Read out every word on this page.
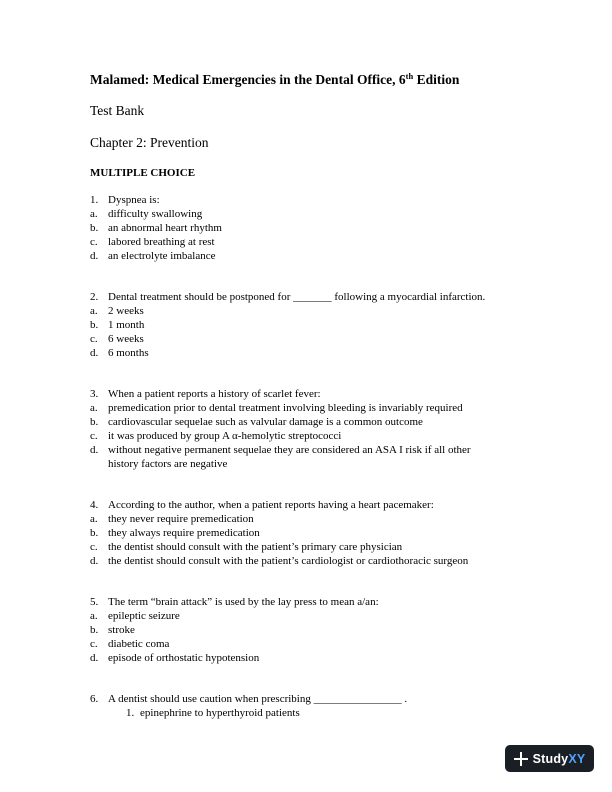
Malamed: Medical Emergencies in the Dental Office, 6th Edition
Test Bank
Chapter 2: Prevention
MULTIPLE CHOICE
1. Dyspnea is:
a. difficulty swallowing
b. an abnormal heart rhythm
c. labored breathing at rest
d. an electrolyte imbalance
2. Dental treatment should be postponed for _______ following a myocardial infarction.
a. 2 weeks
b. 1 month
c. 6 weeks
d. 6 months
3. When a patient reports a history of scarlet fever:
a. premedication prior to dental treatment involving bleeding is invariably required
b. cardiovascular sequelae such as valvular damage is a common outcome
c. it was produced by group A α-hemolytic streptococci
d. without negative permanent sequelae they are considered an ASA I risk if all other
history factors are negative
4. According to the author, when a patient reports having a heart pacemaker:
a. they never require premedication
b. they always require premedication
c. the dentist should consult with the patient’s primary care physician
d. the dentist should consult with the patient’s cardiologist or cardiothoracic surgeon
5. The term “brain attack” is used by the lay press to mean a/an:
a. epileptic seizure
b. stroke
c. diabetic coma
d. episode of orthostatic hypotension
6. A dentist should use caution when prescribing ________________ .
1. epinephrine to hyperthyroid patients
StudyXY
